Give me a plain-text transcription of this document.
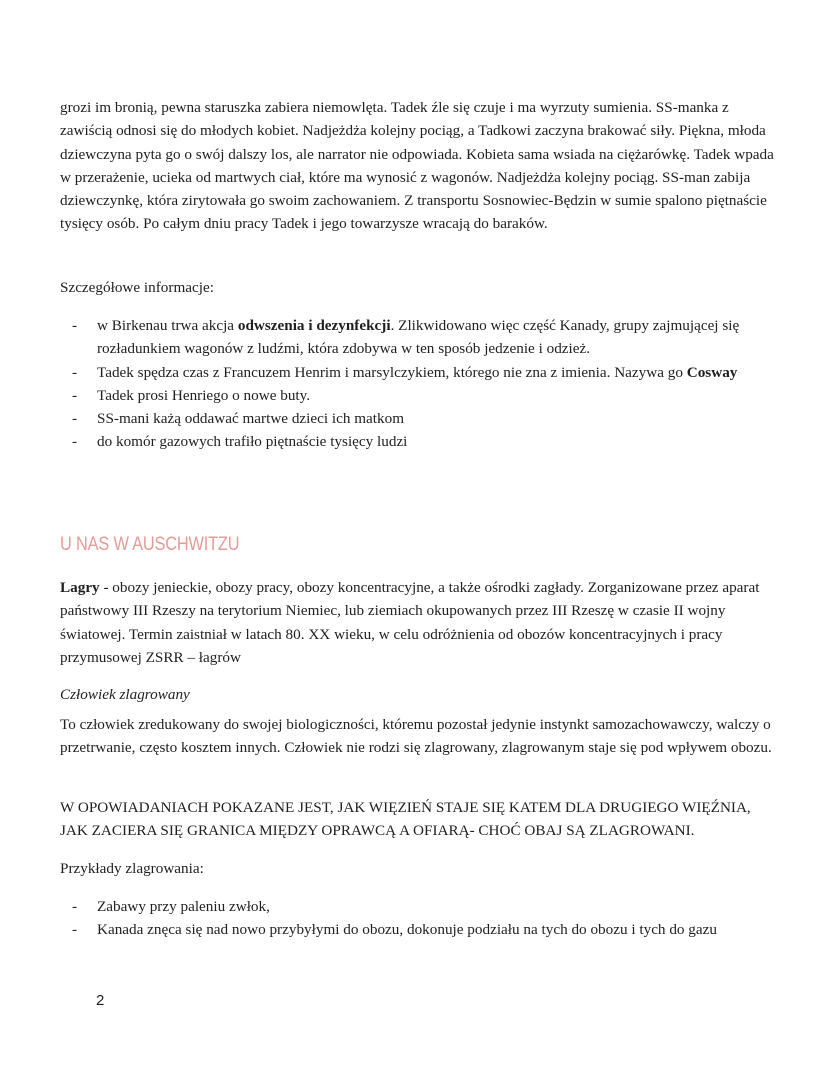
grozi im bronią, pewna staruszka zabiera niemowlęta. Tadek źle się czuje i ma wyrzuty sumienia. SS-manka z zawiścią odnosi się do młodych kobiet. Nadjeżdża kolejny pociąg, a Tadkowi zaczyna brakować siły. Piękna, młoda dziewczyna pyta go o swój dalszy los, ale narrator nie odpowiada. Kobieta sama wsiada na ciężarówkę. Tadek wpada w przerażenie, ucieka od martwych ciał, które ma wynosić z wagonów. Nadjeżdża kolejny pociąg. SS-man zabija dziewczynkę, która zirytowała go swoim zachowaniem. Z transportu Sosnowiec-Będzin w sumie spalono piętnaście tysięcy osób. Po całym dniu pracy Tadek i jego towarzysze wracają do baraków.

Szczegółowe informacje:

- w Birkenau trwa akcja odwszenia i dezynfekcji. Zlikwidowano więc część Kanady, grupy zajmującej się rozładunkiem wagonów z ludźmi, która zdobywa w ten sposób jedzenie i odzież.
- Tadek spędza czas z Francuzem Henrim i marsylczykiem, którego nie zna z imienia. Nazywa go Cosway
- Tadek prosi Henriego o nowe buty.
- SS-mani każą oddawać martwe dzieci ich matkom
- do komór gazowych trafiło piętnaście tysięcy ludzi
U NAS W AUSCHWITZU

Lagry - obozy jenieckie, obozy pracy, obozy koncentracyjne, a także ośrodki zagłady. Zorganizowane przez aparat państwowy III Rzeszy na terytorium Niemiec, lub ziemiach okupowanych przez III Rzeszę w czasie II wojny światowej. Termin zaistniał w latach 80. XX wieku, w celu odróżnienia od obozów koncentracyjnych i pracy przymusowej ZSRR – łagrów

Człowiek zlagrowany

To człowiek zredukowany do swojej biologiczności, któremu pozostał jedynie instynkt samozachowawczy, walczy o przetrwanie, często kosztem innych. Człowiek nie rodzi się zlagrowany, zlagrowanym staje się pod wpływem obozu.

W OPOWIADANIACH POKAZANE JEST, JAK WIĘZIEŃ STAJE SIĘ KATEM DLA DRUGIEGO WIĘŹNIA, JAK ZACIERA SIĘ GRANICA MIĘDZY OPRAWCĄ A OFIARĄ- CHOĆ OBAJ SĄ ZLAGROWANI.

Przykłady zlagrowania:

- Zabawy przy paleniu zwłok,
- Kanada znęca się nad nowo przybyłymi do obozu, dokonuje podziału na tych do obozu i tych do gazu
2
